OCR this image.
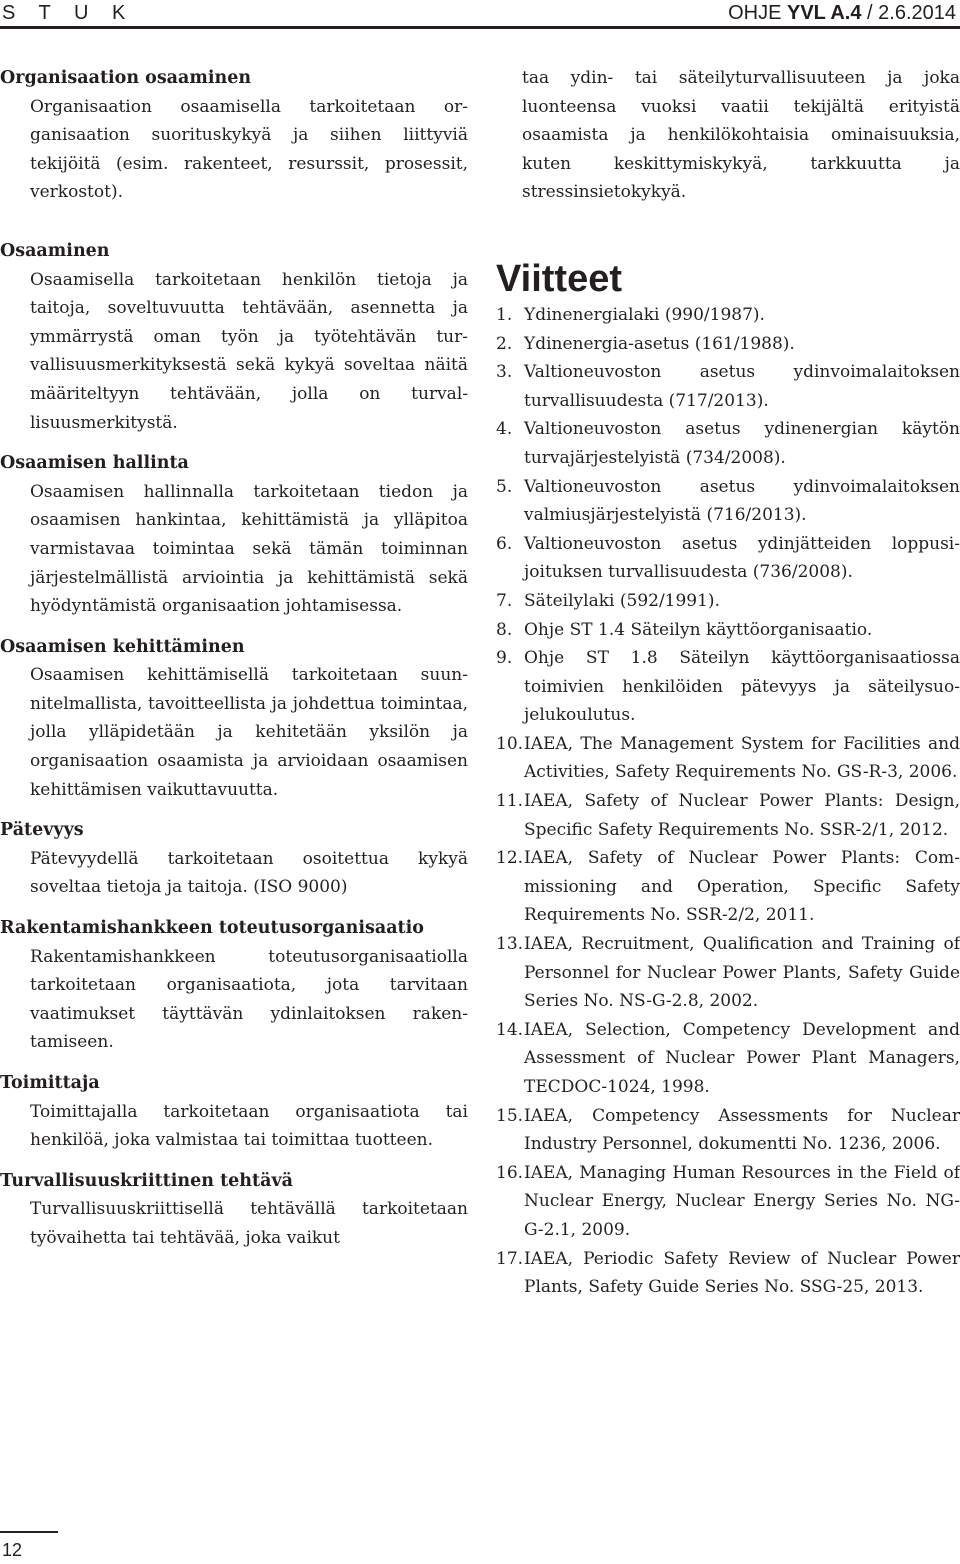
S T U K	OHJE YVL A.4 / 2.6.2014

Organisaation osaaminen

Organisaation osaamisella tarkoitetaan organisaation suorituskykyä ja siihen liittyviä tekijöitä (esim. rakenteet, resurssit, prosessit, verkostot).

Osaaminen

Osaamisella tarkoitetaan henkilön tietoja ja taitoja, soveltuvuutta tehtävään, asennetta ja ymmärrystä oman työn ja työtehtävän turvallisuusmerkityksestä sekä kykyä soveltaa näitä määriteltyyn tehtävään, jolla on turvallisuusmerkitystä.

Osaamisen hallinta

Osaamisen hallinnalla tarkoitetaan tiedon ja osaamisen hankintaa, kehittämistä ja ylläpitoa varmistavaa toimintaa sekä tämän toiminnan järjestelmällistä arviointia ja kehittämistä sekä hyödyntämistä organisaation johtamisessa.

Osaamisen kehittäminen

Osaamisen kehittämisellä tarkoitetaan suunnitelmallista, tavoitteellista ja johdettua toimintaa, jolla ylläpidetään ja kehitetään yksilön ja organisaation osaamista ja arvioidaan osaamisen kehittämisen vaikuttavuutta.

Pätevyys

Pätevyydellä tarkoitetaan osoitettua kykyä soveltaa tietoja ja taitoja. (ISO 9000)

Rakentamishankkeen toteutusorganisaatio

Rakentamishankkeen toteutusorganisaatiolla tarkoitetaan organisaatiota, jota tarvitaan vaatimukset täyttävän ydinlaitoksen rakentamiseen.

Toimittaja

Toimittajalla tarkoitetaan organisaatiota tai henkilöä, joka valmistaa tai toimittaa tuotteen.

Turvallisuuskriittinen tehtävä

Turvallisuuskriittisellä tehtävällä tarkoitetaan työvaihetta tai tehtävää, joka vaikut

taa ydin- tai säteilyturvallisuuteen ja joka luonteensa vuoksi vaatii tekijältä erityistä osaamista ja henkilökohtaisia ominaisuuksia, kuten keskittymiskykyä, tarkkuutta ja stressinsietokykyä.

Viitteet
1. Ydinenergialaki (990/1987).
2. Ydinenergia-asetus (161/1988).
3. Valtioneuvoston asetus ydinvoimalaitoksen turvallisuudesta (717/2013).
4. Valtioneuvoston asetus ydinenergian käytön turvajärjestelyistä (734/2008).
5. Valtioneuvoston asetus ydinvoimalaitoksen valmiusjärjestelyistä (716/2013).
6. Valtioneuvoston asetus ydinjätteiden loppusijoituksen turvallisuudesta (736/2008).
7. Säteilylaki (592/1991).
8. Ohje ST 1.4 Säteilyn käyttöorganisaatio.
9. Ohje ST 1.8 Säteilyn käyttöorganisaatiossa toimivien henkilöiden pätevyys ja säteilysuojelukoulutus.
10. IAEA, The Management System for Facilities and Activities, Safety Requirements No. GS-R-3, 2006.
11. IAEA, Safety of Nuclear Power Plants: Design, Specific Safety Requirements No. SSR-2/1, 2012.
12. IAEA, Safety of Nuclear Power Plants: Commissioning and Operation, Specific Safety Requirements No. SSR-2/2, 2011.
13. IAEA, Recruitment, Qualification and Training of Personnel for Nuclear Power Plants, Safety Guide Series No. NS-G-2.8, 2002.
14. IAEA, Selection, Competency Development and Assessment of Nuclear Power Plant Managers, TECDOC-1024, 1998.
15. IAEA, Competency Assessments for Nuclear Industry Personnel, dokumentti No. 1236, 2006.
16. IAEA, Managing Human Resources in the Field of Nuclear Energy, Nuclear Energy Series No. NG-G-2.1, 2009.
17. IAEA, Periodic Safety Review of Nuclear Power Plants, Safety Guide Series No. SSG-25, 2013.
12
